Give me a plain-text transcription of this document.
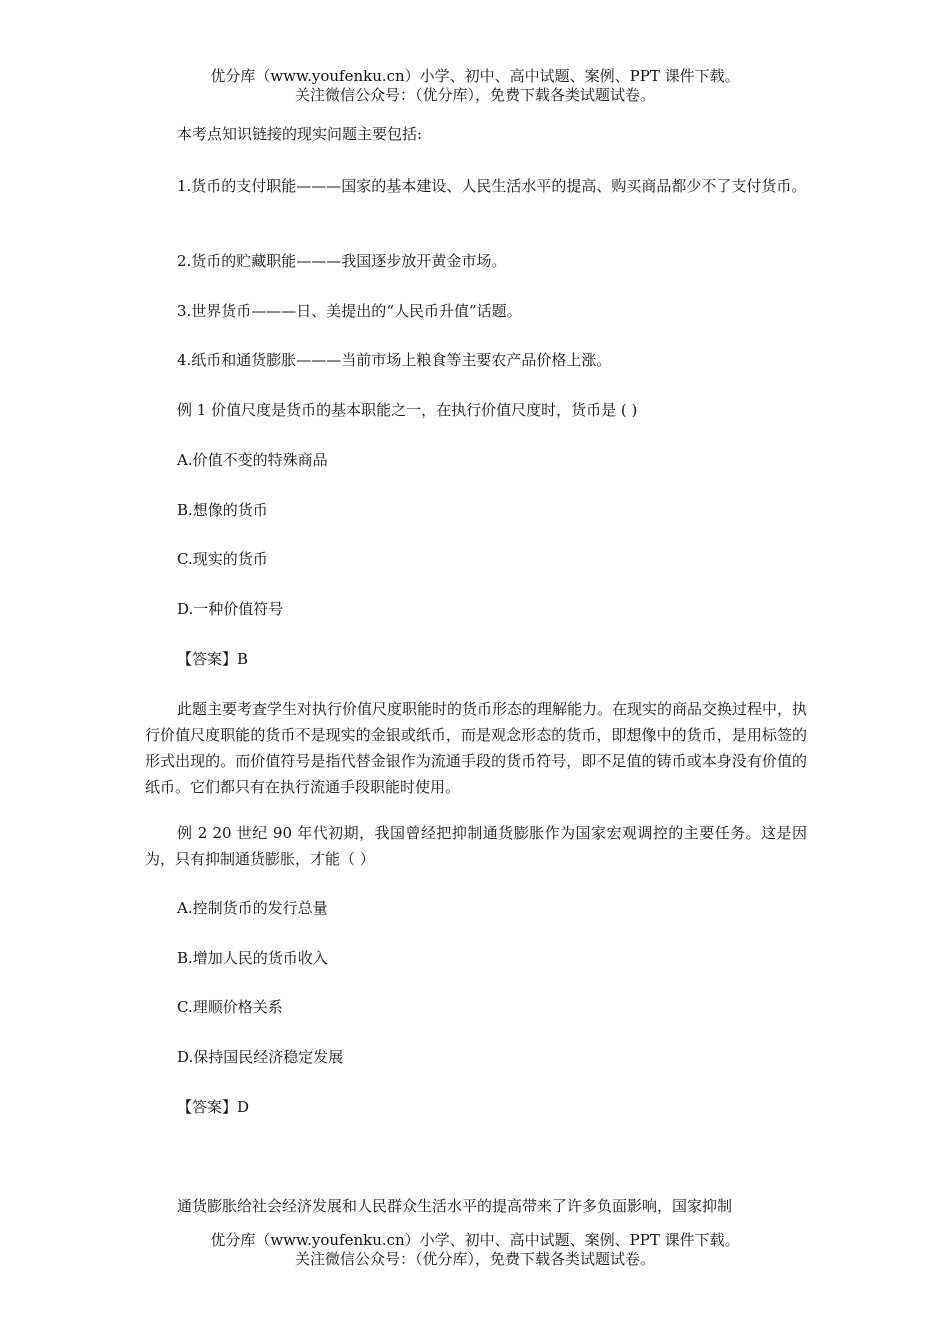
优分库（www.youfenku.cn）小学、初中、高中试题、案例、PPT 课件下载。
关注微信公众号：（优分库），免费下载各类试题试卷。

本考点知识链接的现实问题主要包括:

1.货币的支付职能———国家的基本建设、人民生活水平的提高、购买商品都少不了支付货币。

2.货币的贮藏职能———我国逐步放开黄金市场。

3.世界货币———日、美提出的“人民币升值”话题。

4.纸币和通货膨胀———当前市场上粮食等主要农产品价格上涨。

例 1 价值尺度是货币的基本职能之一，在执行价值尺度时，货币是 ( )

A.价值不变的特殊商品

B.想像的货币

C.现实的货币

D.一种价值符号

【答案】B

此题主要考查学生对执行价值尺度职能时的货币形态的理解能力。在现实的商品交换过程中，执行价值尺度职能的货币不是现实的金银或纸币，而是观念形态的货币，即想像中的货币，是用标签的形式出现的。而价值符号是指代替金银作为流通手段的货币符号，即不足值的铸币或本身没有价值的纸币。它们都只有在执行流通手段职能时使用。

例 2 20 世纪 90 年代初期，我国曾经把抑制通货膨胀作为国家宏观调控的主要任务。这是因为，只有抑制通货膨胀，才能（ ）

A.控制货币的发行总量

B.增加人民的货币收入

C.理顺价格关系

D.保持国民经济稳定发展

【答案】D

通货膨胀给社会经济发展和人民群众生活水平的提高带来了许多负面影响，国家抑制

优分库（www.youfenku.cn）小学、初中、高中试题、案例、PPT 课件下载。
关注微信公众号：（优分库），免费下载各类试题试卷。
